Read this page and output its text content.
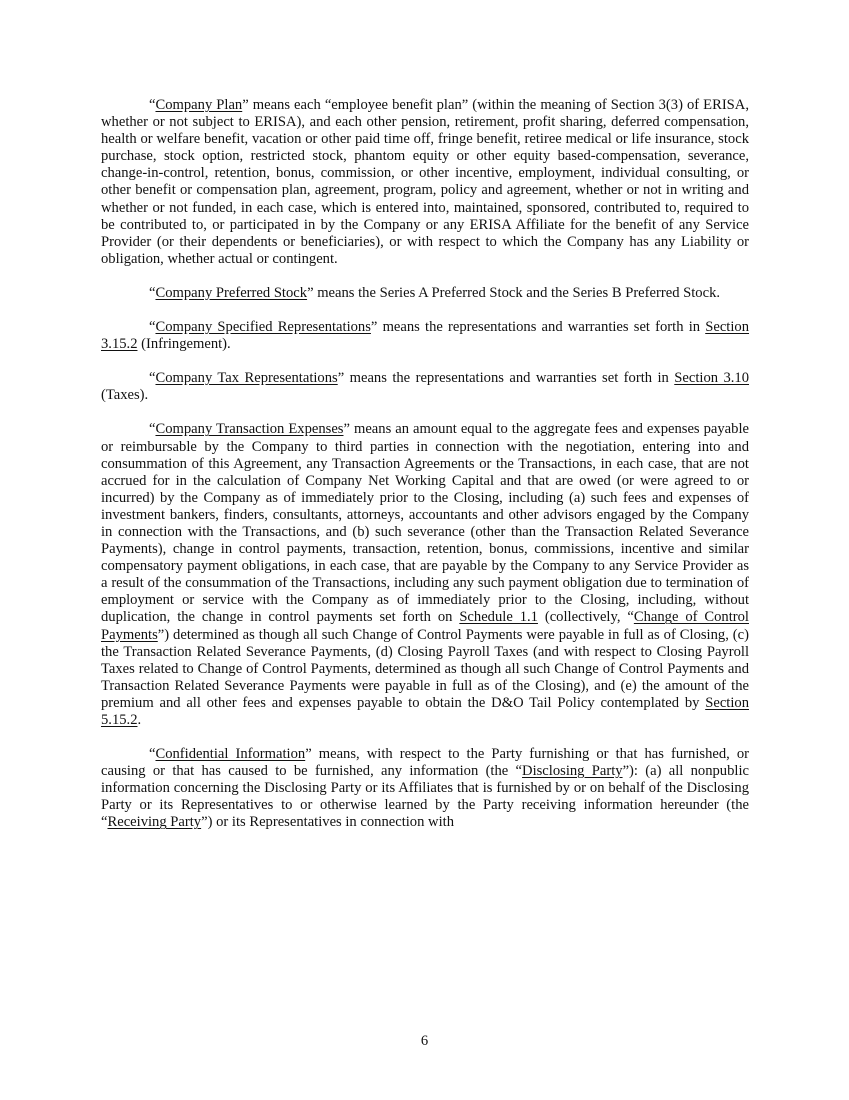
“Company Plan” means each “employee benefit plan” (within the meaning of Section 3(3) of ERISA, whether or not subject to ERISA), and each other pension, retirement, profit sharing, deferred compensation, health or welfare benefit, vacation or other paid time off, fringe benefit, retiree medical or life insurance, stock purchase, stock option, restricted stock, phantom equity or other equity based-compensation, severance, change-in-control, retention, bonus, commission, or other incentive, employment, individual consulting, or other benefit or compensation plan, agreement, program, policy and agreement, whether or not in writing and whether or not funded, in each case, which is entered into, maintained, sponsored, contributed to, required to be contributed to, or participated in by the Company or any ERISA Affiliate for the benefit of any Service Provider (or their dependents or beneficiaries), or with respect to which the Company has any Liability or obligation, whether actual or contingent.

“Company Preferred Stock” means the Series A Preferred Stock and the Series B Preferred Stock.

“Company Specified Representations” means the representations and warranties set forth in Section 3.15.2 (Infringement).

“Company Tax Representations” means the representations and warranties set forth in Section 3.10 (Taxes).

“Company Transaction Expenses” means an amount equal to the aggregate fees and expenses payable or reimbursable by the Company to third parties in connection with the negotiation, entering into and consummation of this Agreement, any Transaction Agreements or the Transactions, in each case, that are not accrued for in the calculation of Company Net Working Capital and that are owed (or were agreed to or incurred) by the Company as of immediately prior to the Closing, including (a) such fees and expenses of investment bankers, finders, consultants, attorneys, accountants and other advisors engaged by the Company in connection with the Transactions, and (b) such severance (other than the Transaction Related Severance Payments), change in control payments, transaction, retention, bonus, commissions, incentive and similar compensatory payment obligations, in each case, that are payable by the Company to any Service Provider as a result of the consummation of the Transactions, including any such payment obligation due to termination of employment or service with the Company as of immediately prior to the Closing, including, without duplication, the change in control payments set forth on Schedule 1.1 (collectively, “Change of Control Payments”) determined as though all such Change of Control Payments were payable in full as of Closing, (c) the Transaction Related Severance Payments, (d) Closing Payroll Taxes (and with respect to Closing Payroll Taxes related to Change of Control Payments, determined as though all such Change of Control Payments and Transaction Related Severance Payments were payable in full as of the Closing), and (e) the amount of the premium and all other fees and expenses payable to obtain the D&O Tail Policy contemplated by Section 5.15.2.

“Confidential Information” means, with respect to the Party furnishing or that has furnished, or causing or that has caused to be furnished, any information (the “Disclosing Party”): (a) all nonpublic information concerning the Disclosing Party or its Affiliates that is furnished by or on behalf of the Disclosing Party or its Representatives to or otherwise learned by the Party receiving information hereunder (the “Receiving Party”) or its Representatives in connection with

6
